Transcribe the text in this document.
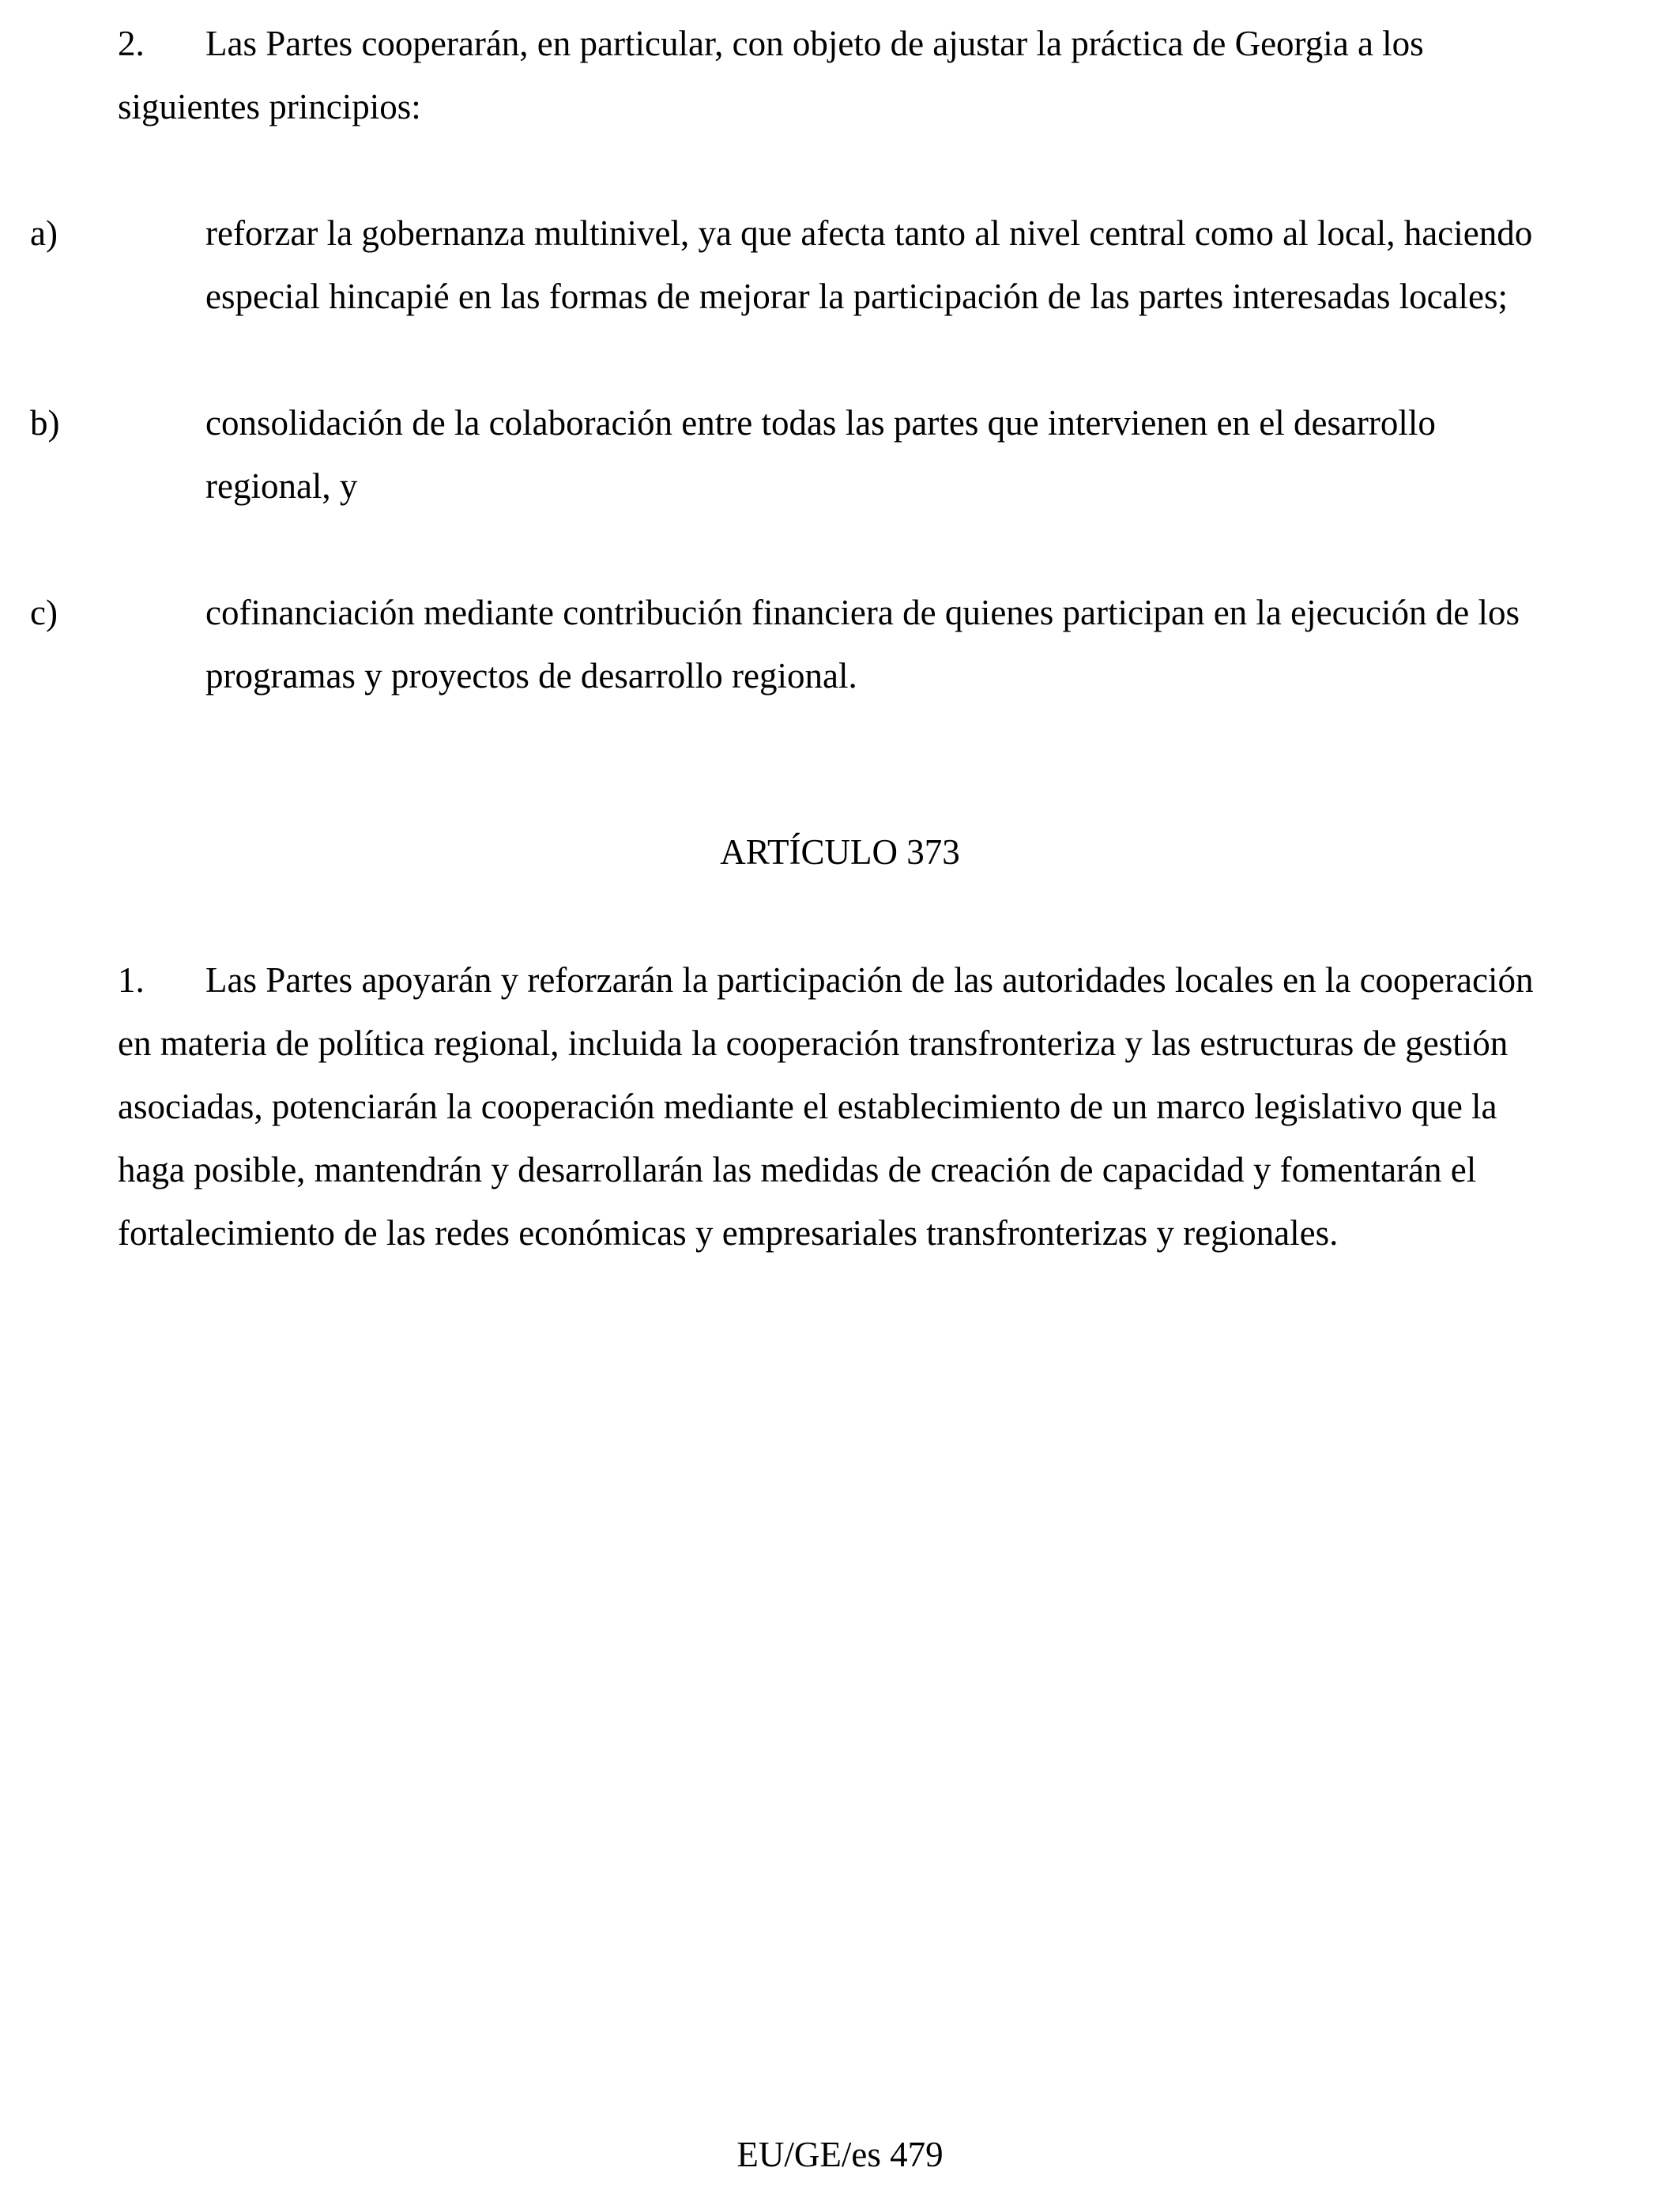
2. Las Partes cooperarán, en particular, con objeto de ajustar la práctica de Georgia a los siguientes principios:

a)	reforzar la gobernanza multinivel, ya que afecta tanto al nivel central como al local, haciendo especial hincapié en las formas de mejorar la participación de las partes interesadas locales;

b)	consolidación de la colaboración entre todas las partes que intervienen en el desarrollo regional, y

c)	cofinanciación mediante contribución financiera de quienes participan en la ejecución de los programas y proyectos de desarrollo regional.

ARTÍCULO 373

1. Las Partes apoyarán y reforzarán la participación de las autoridades locales en la cooperación en materia de política regional, incluida la cooperación transfronteriza y las estructuras de gestión asociadas, potenciarán la cooperación mediante el establecimiento de un marco legislativo que la haga posible, mantendrán y desarrollarán las medidas de creación de capacidad y fomentarán el fortalecimiento de las redes económicas y empresariales transfronterizas y regionales.

EU/GE/es 479
